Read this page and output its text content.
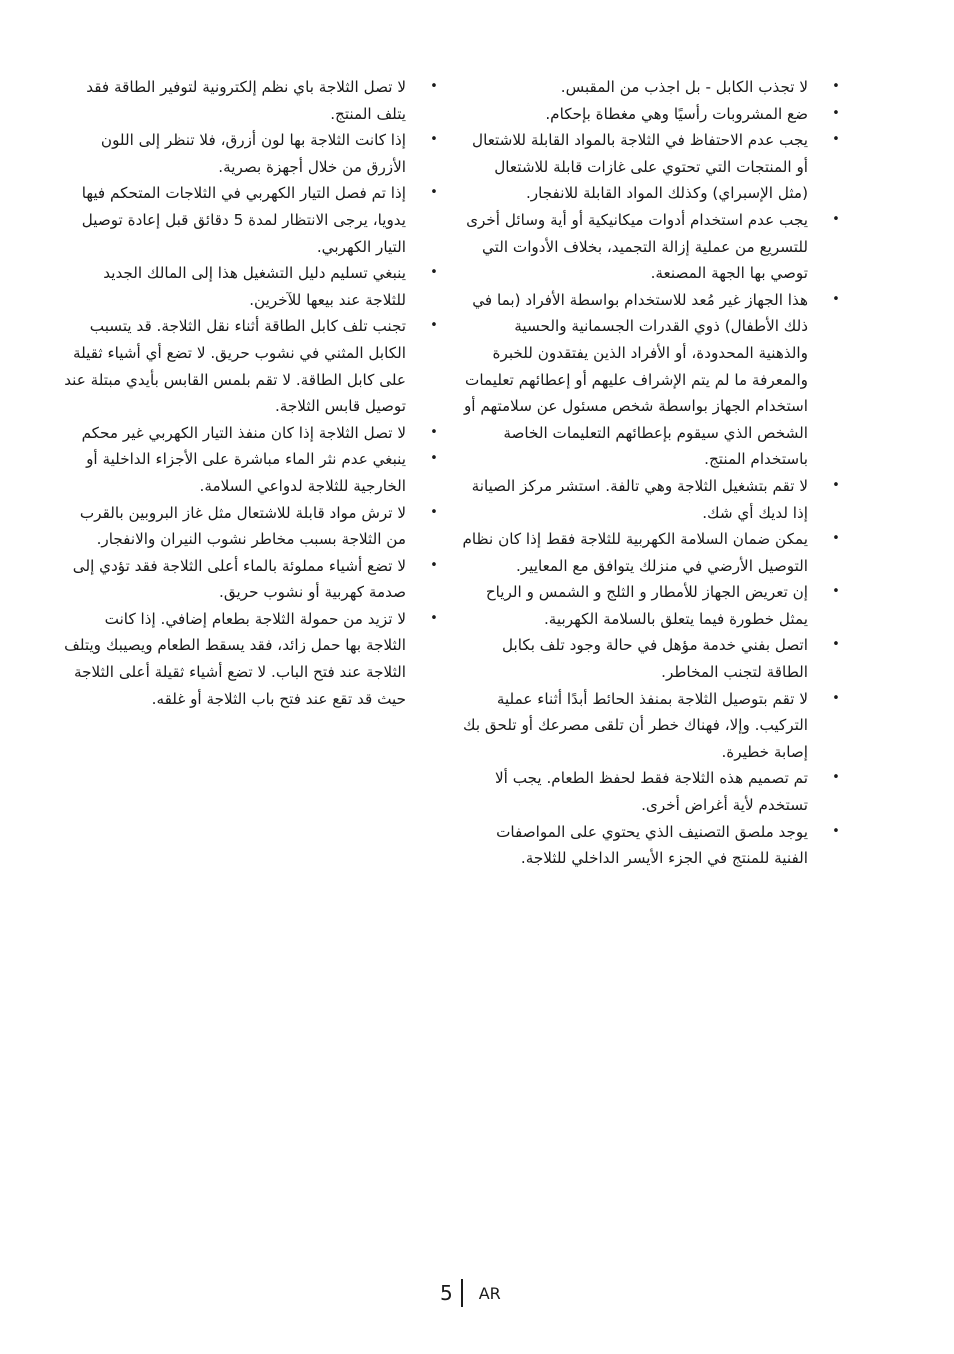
•
لا تجذب الكابل - بل اجذب من المقبس.
•
ضع المشروبات رأسيًا وهي مغطاة بإحكام.
•
يجب عدم الاحتفاظ في الثلاجة بالمواد القابلة للاشتعال أو المنتجات التي تحتوي على غازات قابلة للاشتعال (مثل الإسبراي) وكذلك المواد القابلة للانفجار.
•
يجب عدم استخدام أدوات ميكانيكية أو أية وسائل أخرى للتسريع من عملية إزالة التجميد، بخلاف الأدوات التي توصي بها الجهة المصنعة.
•
هذا الجهاز غير مُعد للاستخدام بواسطة الأفراد (بما في ذلك الأطفال) ذوي القدرات الجسمانية والحسية والذهنية المحدودة، أو الأفراد الذين يفتقدون للخبرة والمعرفة ما لم يتم الإشراف عليهم أو إعطائهم تعليمات استخدام الجهاز بواسطة شخص مسئول عن سلامتهم أو الشخص الذي سيقوم بإعطائهم التعليمات الخاصة باستخدام المنتج.
•
لا تقم بتشغيل الثلاجة وهي تالفة. استشر مركز الصيانة إذا لديك أي شك.
•
يمكن ضمان السلامة الكهربية للثلاجة فقط إذا كان نظام التوصيل الأرضي في منزلك يتوافق مع المعايير.
•
إن تعريض الجهاز للأمطار و الثلج و الشمس و الرياح يمثل خطورة فيما يتعلق بالسلامة الكهربية.
•
اتصل بفني خدمة مؤهل في حالة وجود تلف بكابل الطاقة لتجنب المخاطر.
•
لا تقم بتوصيل الثلاجة بمنفذ الحائط أبدًا أثناء عملية التركيب. وإلا، فهناك خطر أن تلقى مصرعك أو تلحق بك إصابة خطيرة.
•
تم تصميم هذه الثلاجة فقط لحفظ الطعام. يجب ألا تستخدم لأية أغراض أخرى.
•
يوجد ملصق التصنيف الذي يحتوي على المواصفات الفنية للمنتج في الجزء الأيسر الداخلي للثلاجة.
•
لا تصل الثلاجة باي نظم إلكترونية لتوفير الطاقة فقد يتلف المنتج.
•
إذا كانت الثلاجة بها لون أزرق، فلا تنظر إلى اللون الأزرق من خلال أجهزة بصرية.
•
إذا تم فصل التيار الكهربي في الثلاجات المتحكم فيها يدويا، يرجى الانتظار لمدة 5 دقائق قبل إعادة توصيل التيار الكهربي.
•
ينبغي تسليم دليل التشغيل هذا إلى المالك الجديد للثلاجة عند بيعها للآخرين.
•
تجنب تلف كابل الطاقة أثناء نقل الثلاجة. قد يتسبب الكابل المثني في نشوب حريق. لا تضع أي أشياء ثقيلة على كابل الطاقة. لا تقم بلمس القابس بأيدي مبتلة عند توصيل قابس الثلاجة.
•
لا تصل الثلاجة إذا كان منفذ التيار الكهربي غير محكم
•
ينبغي عدم نثر الماء مباشرة على الأجزاء الداخلية أو الخارجية للثلاجة لدواعي السلامة.
•
لا ترش مواد قابلة للاشتعال مثل غاز البروبين بالقرب من الثلاجة بسبب مخاطر نشوب النيران والانفجار.
•
لا تضع أشياء مملوئة بالماء أعلى الثلاجة فقد تؤدي إلى صدمة كهربية أو نشوب حريق.
•
لا تزيد من حمولة الثلاجة بطعام إضافي. إذا كانت الثلاجة بها حمل زائد، فقد يسقط الطعام ويصيبك ويتلف الثلاجة عند فتح الباب. لا تضع أشياء ثقيلة أعلى الثلاجة حيث قد تقع عند فتح باب الثلاجة أو غلقه.
5 AR
